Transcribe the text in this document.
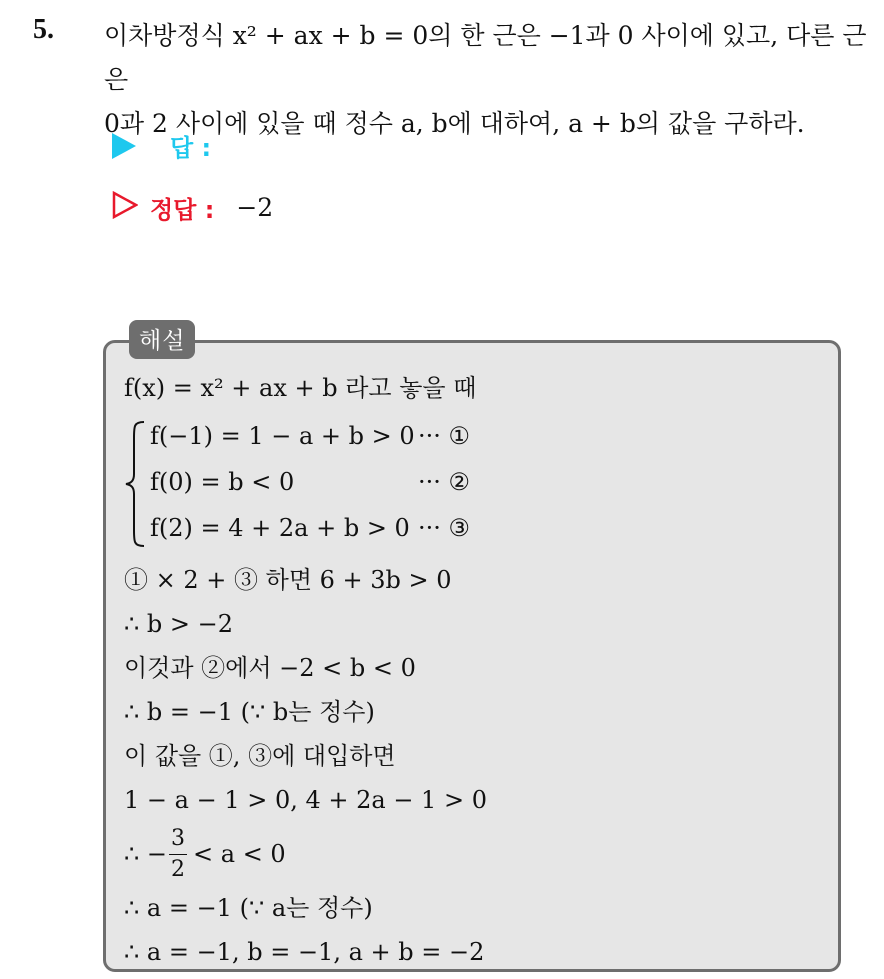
5. 이차방정식 x² + ax + b = 0의 한 근은 −1과 0 사이에 있고, 다른 근은
0과 2 사이에 있을 때 정수 a, b에 대하여, a + b의 값을 구하라.
답 :
정답 : −2
해설
f(x) = x² + ax + b 라고 놓을 때
f(−1) = 1 − a + b > 0 ··· ①
f(0) = b < 0	··· ②
f(2) = 4 + 2a + b > 0 ··· ③
① × 2 + ③ 하면 6 + 3b > 0
∴ b > −2
이것과 ②에서 −2 < b < 0
∴ b = −1 (∵ b는 정수)
이 값을 ①, ③에 대입하면
1 − a − 1 > 0, 4 + 2a − 1 > 0
∴ − $\frac{3}{2} < a < 0$
∴ a = −1 (∵ a는 정수)
∴ a = −1, b = −1, a + b = −2
